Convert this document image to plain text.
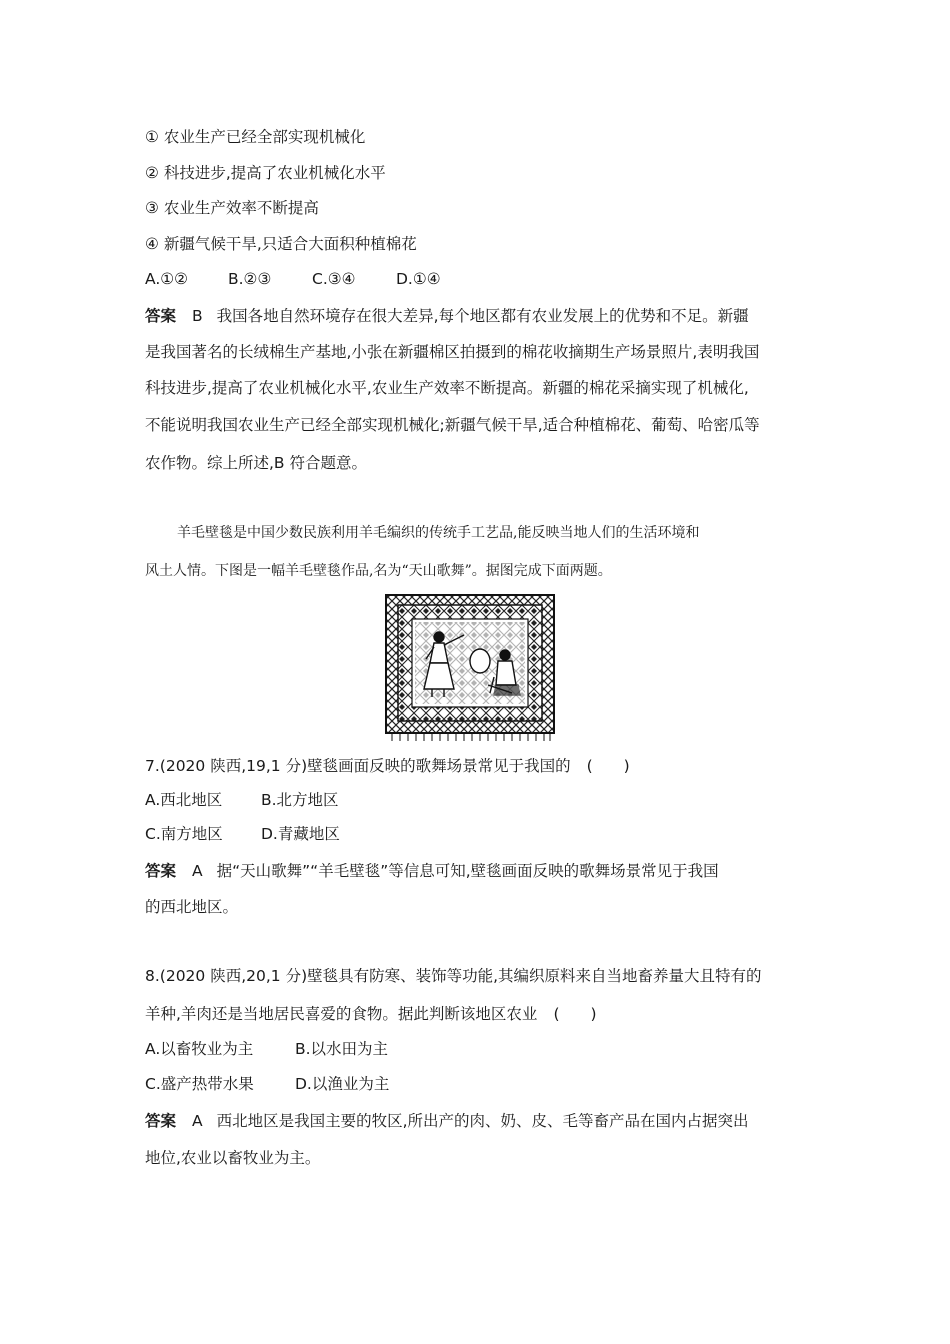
① 农业生产已经全部实现机械化
② 科技进步,提高了农业机械化水平
③ 农业生产效率不断提高
④ 新疆气候干旱,只适合大面积种植棉花
A.①②	B.②③	C.③④	D.①④
答案 B 我国各地自然环境存在很大差异,每个地区都有农业发展上的优势和不足。新疆
是我国著名的长绒棉生产基地,小张在新疆棉区拍摄到的棉花收摘期生产场景照片,表明我国
科技进步,提高了农业机械化水平,农业生产效率不断提高。新疆的棉花采摘实现了机械化,
不能说明我国农业生产已经全部实现机械化;新疆气候干旱,适合种植棉花、葡萄、哈密瓜等
农作物。综上所述,B 符合题意。
羊毛壁毯是中国少数民族利用羊毛编织的传统手工艺品,能反映当地人们的生活环境和
风土人情。下图是一幅羊毛壁毯作品,名为“天山歌舞”。据图完成下面两题。
7.(2020 陕西,19,1 分)壁毯画面反映的歌舞场景常见于我国的 (　　)
A.西北地区 B.北方地区
C.南方地区 D.青藏地区
答案 A 据“天山歌舞”“羊毛壁毯”等信息可知,壁毯画面反映的歌舞场景常见于我国
的西北地区。
8.(2020 陕西,20,1 分)壁毯具有防寒、装饰等功能,其编织原料来自当地畜养量大且特有的
羊种,羊肉还是当地居民喜爱的食物。据此判断该地区农业 (　　)
A.以畜牧业为主	B.以水田为主
C.盛产热带水果	D.以渔业为主
答案 A 西北地区是我国主要的牧区,所出产的肉、奶、皮、毛等畜产品在国内占据突出
地位,农业以畜牧业为主。
